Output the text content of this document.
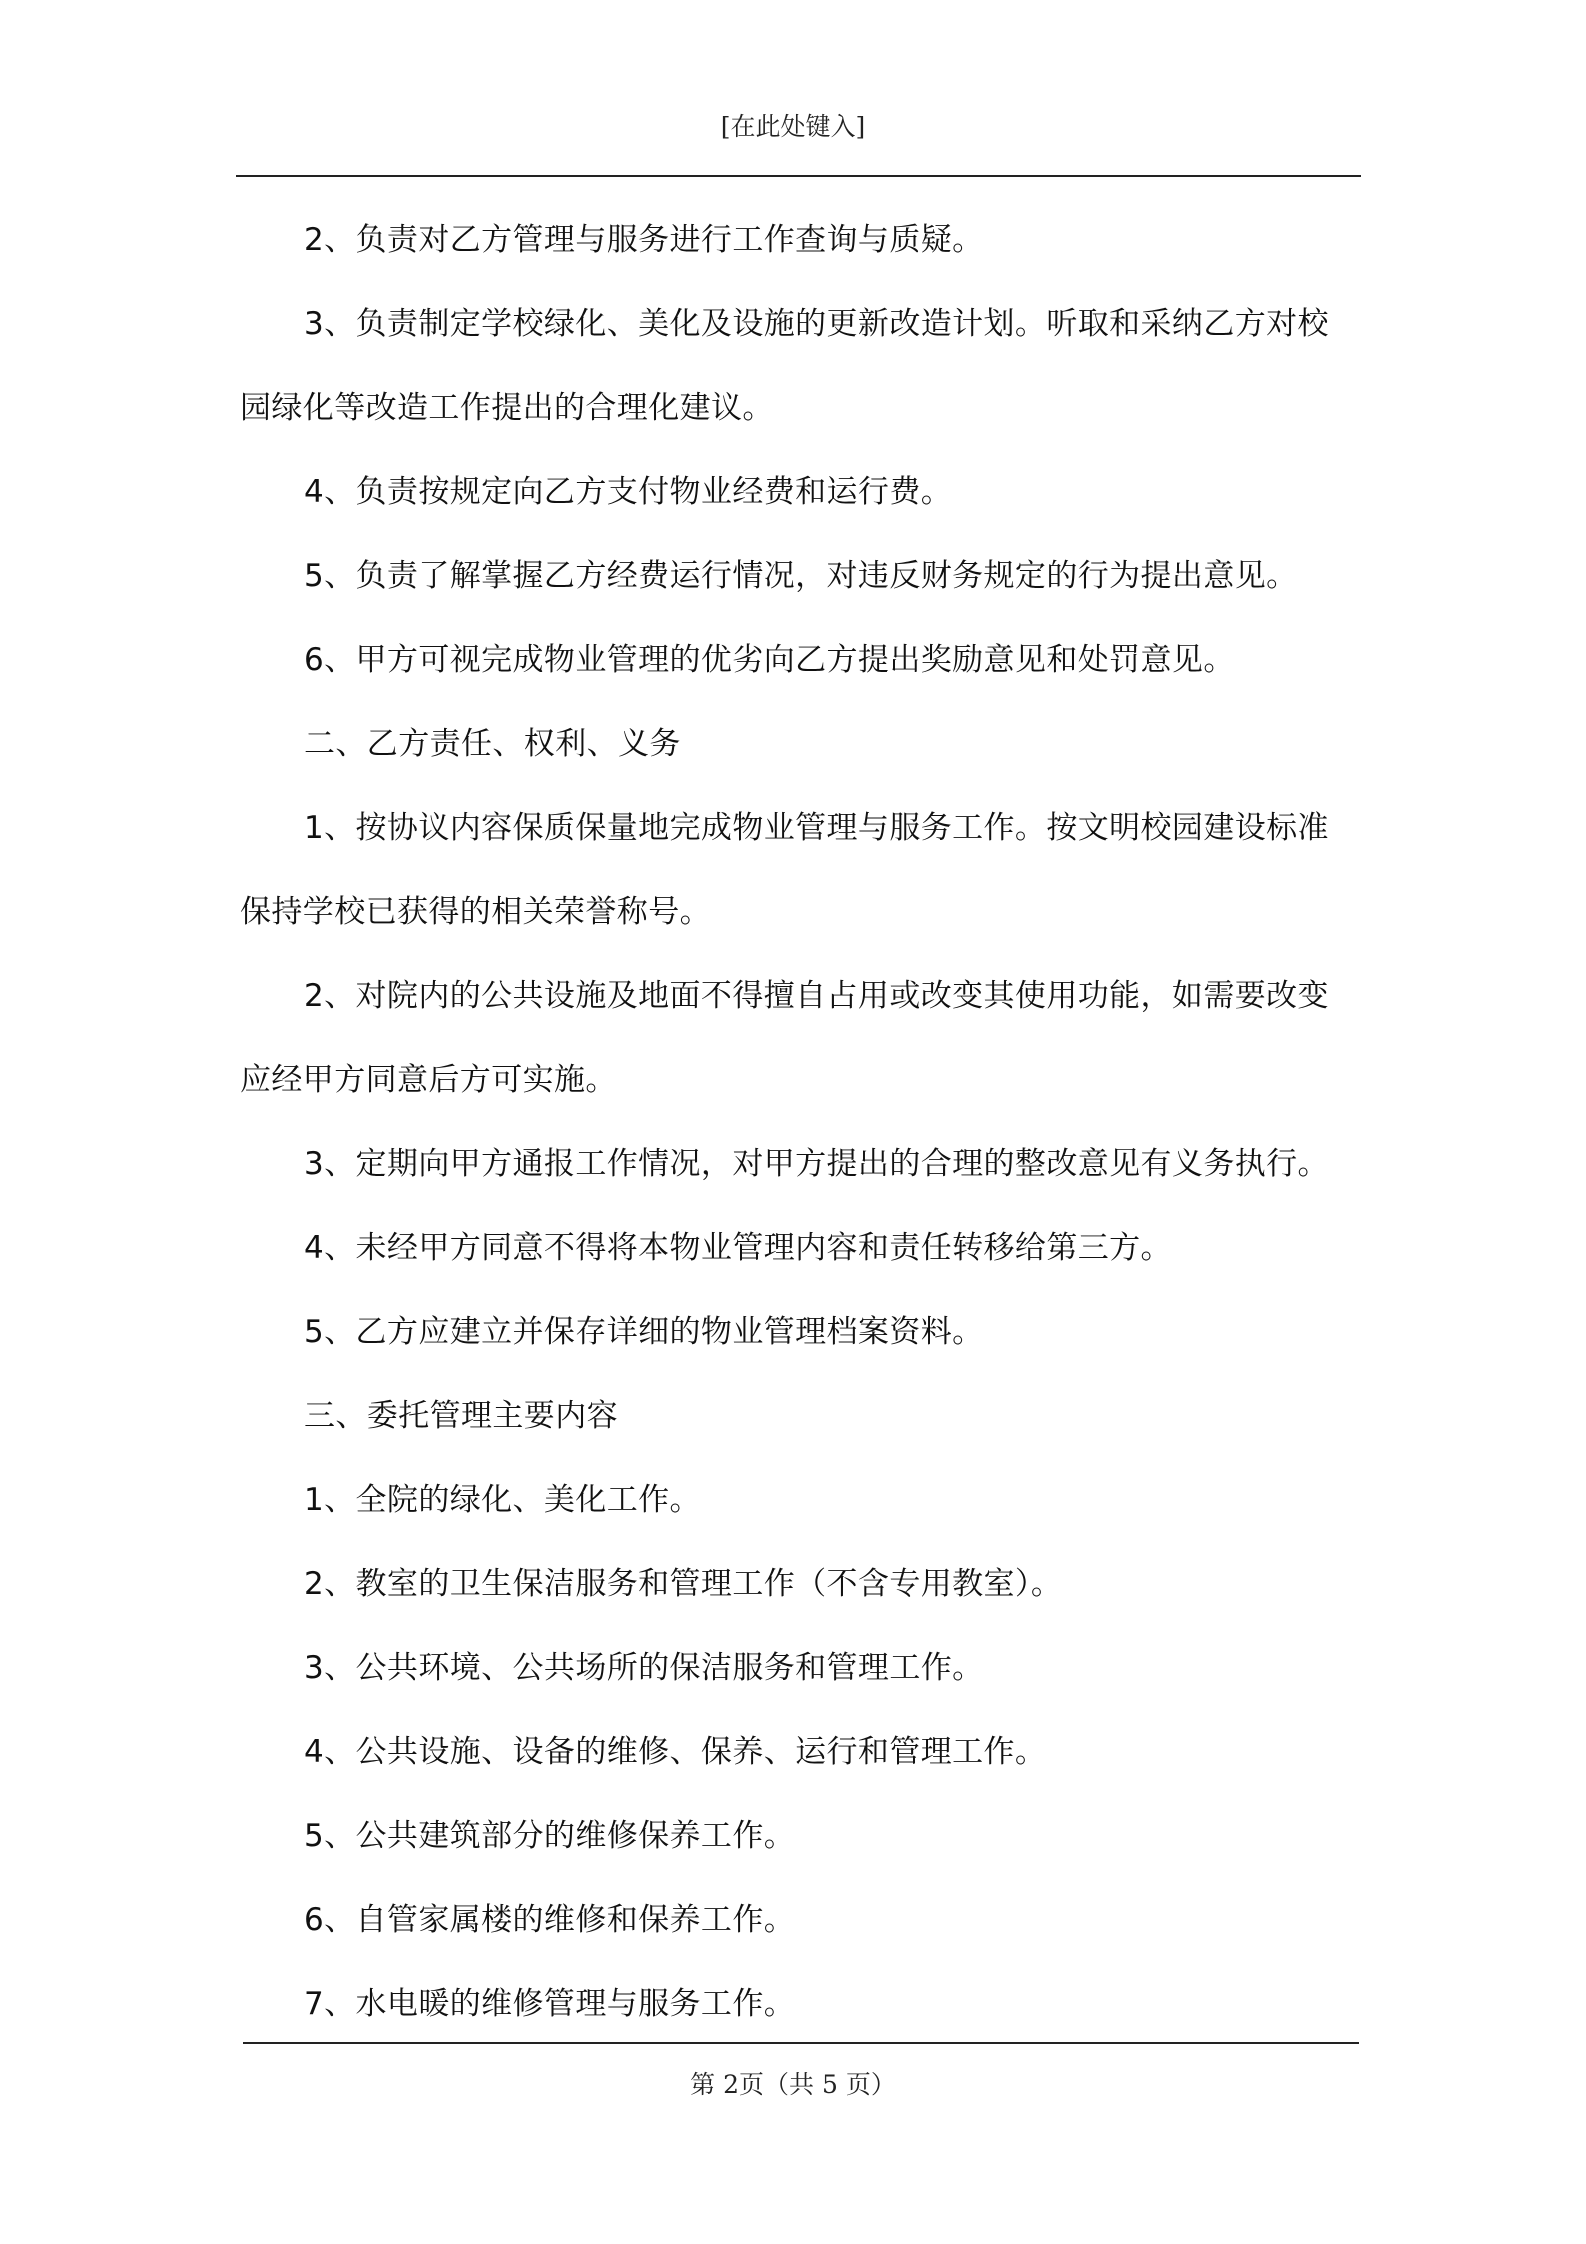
[在此处键入]

2、负责对乙方管理与服务进行工作查询与质疑。

3、负责制定学校绿化、美化及设施的更新改造计划。听取和采纳乙方对校园绿化等改造工作提出的合理化建议。

4、负责按规定向乙方支付物业经费和运行费。

5、负责了解掌握乙方经费运行情况，对违反财务规定的行为提出意见。

6、甲方可视完成物业管理的优劣向乙方提出奖励意见和处罚意见。

二、乙方责任、权利、义务

1、按协议内容保质保量地完成物业管理与服务工作。按文明校园建设标准保持学校已获得的相关荣誉称号。

2、对院内的公共设施及地面不得擅自占用或改变其使用功能，如需要改变应经甲方同意后方可实施。

3、定期向甲方通报工作情况，对甲方提出的合理的整改意见有义务执行。

4、未经甲方同意不得将本物业管理内容和责任转移给第三方。

5、乙方应建立并保存详细的物业管理档案资料。

三、委托管理主要内容

1、全院的绿化、美化工作。

2、教室的卫生保洁服务和管理工作（不含专用教室）。

3、公共环境、公共场所的保洁服务和管理工作。

4、公共设施、设备的维修、保养、运行和管理工作。

5、公共建筑部分的维修保养工作。

6、自管家属楼的维修和保养工作。

7、水电暖的维修管理与服务工作。

第 2页（共 5 页）
